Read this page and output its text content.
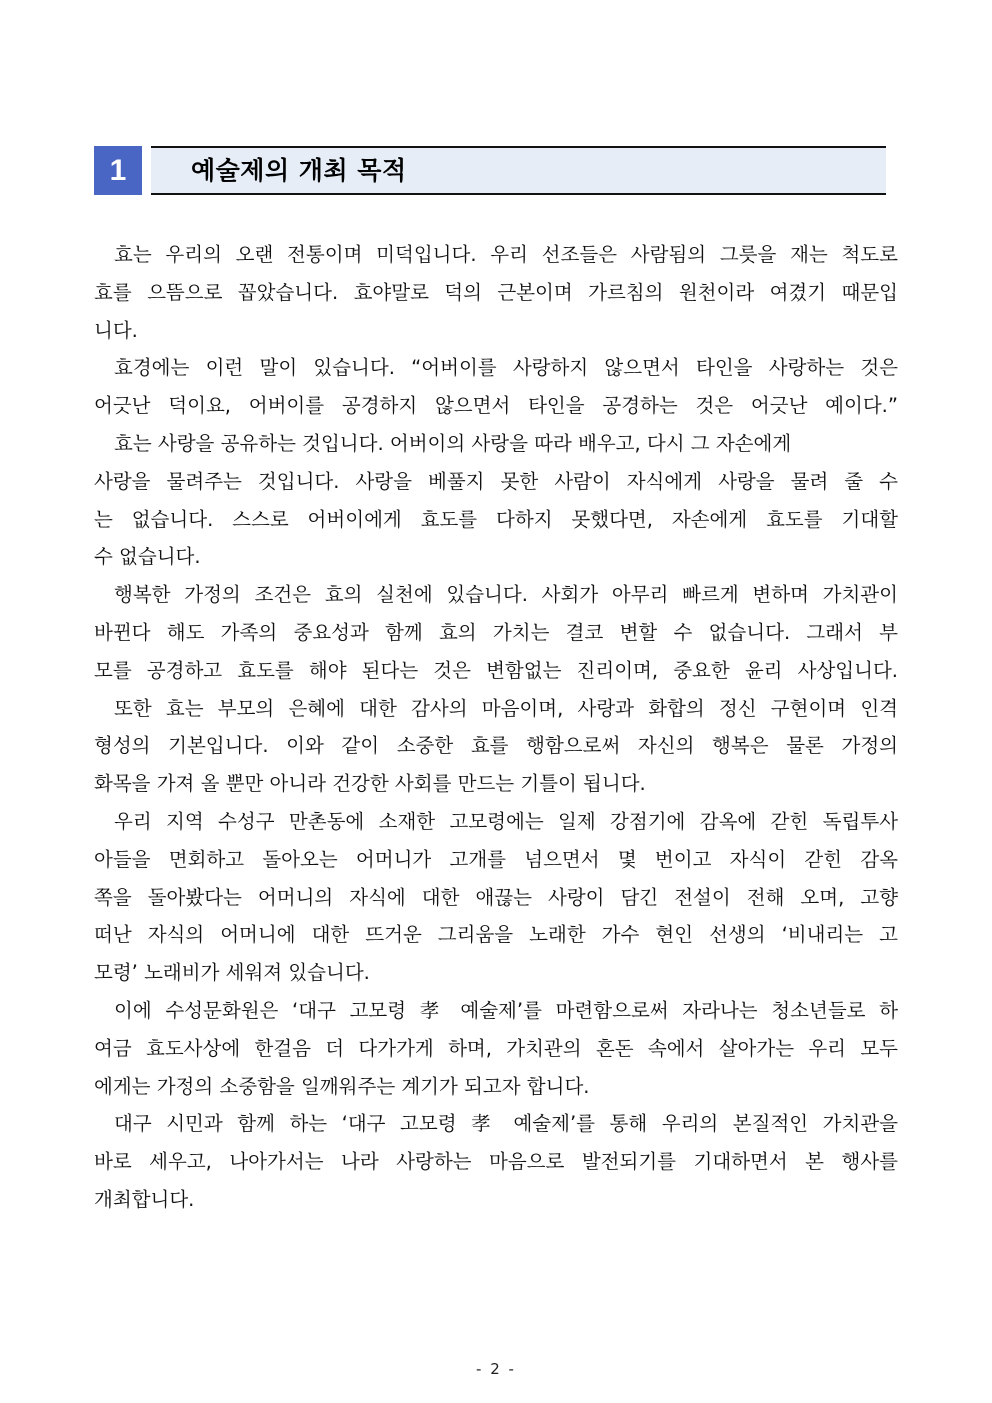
1	예술제의 개최 목적
효는 우리의 오랜 전통이며 미덕입니다. 우리 선조들은 사람됨의 그릇을 재는 척도로
효를 으뜸으로 꼽았습니다. 효야말로 덕의 근본이며 가르침의 원천이라 여겼기 때문입
니다.
효경에는 이런 말이 있습니다. “어버이를 사랑하지 않으면서 타인을 사랑하는 것은
어긋난 덕이요, 어버이를 공경하지 않으면서 타인을 공경하는 것은 어긋난 예이다.”
효는 사랑을 공유하는 것입니다. 어버이의 사랑을 따라 배우고, 다시 그 자손에게
사랑을 물려주는 것입니다. 사랑을 베풀지 못한 사람이 자식에게 사랑을 물려 줄 수
는 없습니다. 스스로 어버이에게 효도를 다하지 못했다면, 자손에게 효도를 기대할
수 없습니다.
행복한 가정의 조건은 효의 실천에 있습니다. 사회가 아무리 빠르게 변하며 가치관이
바뀐다 해도 가족의 중요성과 함께 효의 가치는 결코 변할 수 없습니다. 그래서 부
모를 공경하고 효도를 해야 된다는 것은 변함없는 진리이며, 중요한 윤리 사상입니다.
또한 효는 부모의 은혜에 대한 감사의 마음이며, 사랑과 화합의 정신 구현이며 인격
형성의 기본입니다. 이와 같이 소중한 효를 행함으로써 자신의 행복은 물론 가정의
화목을 가져 올 뿐만 아니라 건강한 사회를 만드는 기틀이 됩니다.
우리 지역 수성구 만촌동에 소재한 고모령에는 일제 강점기에 감옥에 갇힌 독립투사
아들을 면회하고 돌아오는 어머니가 고개를 넘으면서 몇 번이고 자식이 갇힌 감옥
쪽을 돌아봤다는 어머니의 자식에 대한 애끊는 사랑이 담긴 전설이 전해 오며, 고향
떠난 자식의 어머니에 대한 뜨거운 그리움을 노래한 가수 현인 선생의 ‘비내리는 고
모령’ 노래비가 세워져 있습니다.
이에 수성문화원은 ‘대구 고모령 孝 예술제’를 마련함으로써 자라나는 청소년들로 하
여금 효도사상에 한걸음 더 다가가게 하며, 가치관의 혼돈 속에서 살아가는 우리 모두
에게는 가정의 소중함을 일깨워주는 계기가 되고자 합니다.
대구 시민과 함께 하는 ‘대구 고모령 孝 예술제’를 통해 우리의 본질적인 가치관을
바로 세우고, 나아가서는 나라 사랑하는 마음으로 발전되기를 기대하면서 본 행사를
개최합니다.
- 2 -
